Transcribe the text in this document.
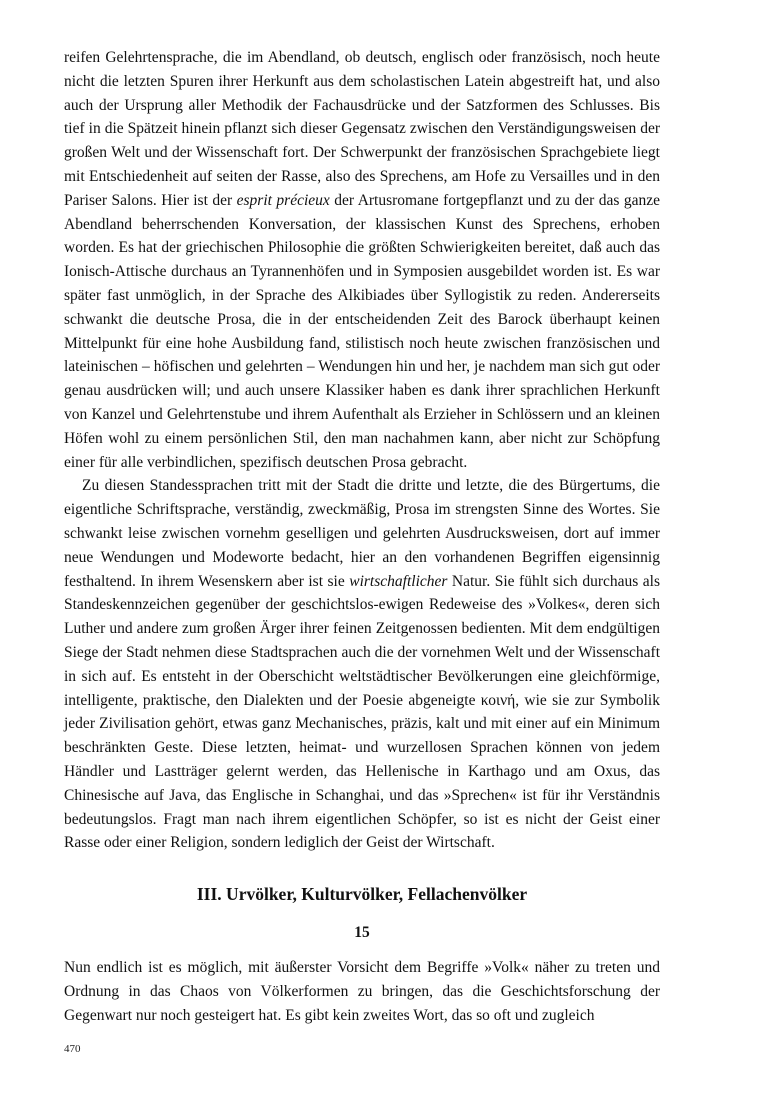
reifen Gelehrtensprache, die im Abendland, ob deutsch, englisch oder französisch, noch heute nicht die letzten Spuren ihrer Herkunft aus dem scholastischen Latein abgestreift hat, und also auch der Ursprung aller Methodik der Fachausdrücke und der Satzformen des Schlusses. Bis tief in die Spätzeit hinein pflanzt sich dieser Gegensatz zwischen den Verständigungsweisen der großen Welt und der Wissenschaft fort. Der Schwerpunkt der französischen Sprachgebiete liegt mit Entschiedenheit auf seiten der Rasse, also des Sprechens, am Hofe zu Versailles und in den Pariser Salons. Hier ist der esprit précieux der Artusromane fortgepflanzt und zu der das ganze Abendland beherrschenden Konversation, der klassischen Kunst des Sprechens, erhoben worden. Es hat der griechischen Philosophie die größten Schwierigkeiten bereitet, daß auch das Ionisch-Attische durchaus an Tyrannenhöfen und in Symposien ausgebildet worden ist. Es war später fast unmöglich, in der Sprache des Alkibiades über Syllogistik zu reden. Andererseits schwankt die deutsche Prosa, die in der entscheidenden Zeit des Barock überhaupt keinen Mittelpunkt für eine hohe Ausbildung fand, stilistisch noch heute zwischen französischen und lateinischen – höfischen und gelehrten – Wendungen hin und her, je nachdem man sich gut oder genau ausdrücken will; und auch unsere Klassiker haben es dank ihrer sprachlichen Herkunft von Kanzel und Gelehrtenstube und ihrem Aufenthalt als Erzieher in Schlössern und an kleinen Höfen wohl zu einem persönlichen Stil, den man nachahmen kann, aber nicht zur Schöpfung einer für alle verbindlichen, spezifisch deutschen Prosa gebracht.

Zu diesen Standessprachen tritt mit der Stadt die dritte und letzte, die des Bürgertums, die eigentliche Schriftsprache, verständig, zweckmäßig, Prosa im strengsten Sinne des Wortes. Sie schwankt leise zwischen vornehm geselligen und gelehrten Ausdrucksweisen, dort auf immer neue Wendungen und Modeworte bedacht, hier an den vorhandenen Begriffen eigensinnig festhaltend. In ihrem Wesenskern aber ist sie wirtschaftlicher Natur. Sie fühlt sich durchaus als Standeskennzeichen gegenüber der geschichtslos-ewigen Redeweise des »Volkes«, deren sich Luther und andere zum großen Ärger ihrer feinen Zeitgenossen bedienten. Mit dem endgültigen Siege der Stadt nehmen diese Stadtsprachen auch die der vornehmen Welt und der Wissenschaft in sich auf. Es entsteht in der Oberschicht weltstädtischer Bevölkerungen eine gleichförmige, intelligente, praktische, den Dialekten und der Poesie abgeneigte κοινή, wie sie zur Symbolik jeder Zivilisation gehört, etwas ganz Mechanisches, präzis, kalt und mit einer auf ein Minimum beschränkten Geste. Diese letzten, heimat- und wurzellosen Sprachen können von jedem Händler und Lastträger gelernt werden, das Hellenische in Karthago und am Oxus, das Chinesische auf Java, das Englische in Schanghai, und das »Sprechen« ist für ihr Verständnis bedeutungslos. Fragt man nach ihrem eigentlichen Schöpfer, so ist es nicht der Geist einer Rasse oder einer Religion, sondern lediglich der Geist der Wirtschaft.

III. Urvölker, Kulturvölker, Fellachenvölker
15

Nun endlich ist es möglich, mit äußerster Vorsicht dem Begriffe »Volk« näher zu treten und Ordnung in das Chaos von Völkerformen zu bringen, das die Geschichtsforschung der Gegenwart nur noch gesteigert hat. Es gibt kein zweites Wort, das so oft und zugleich

470
